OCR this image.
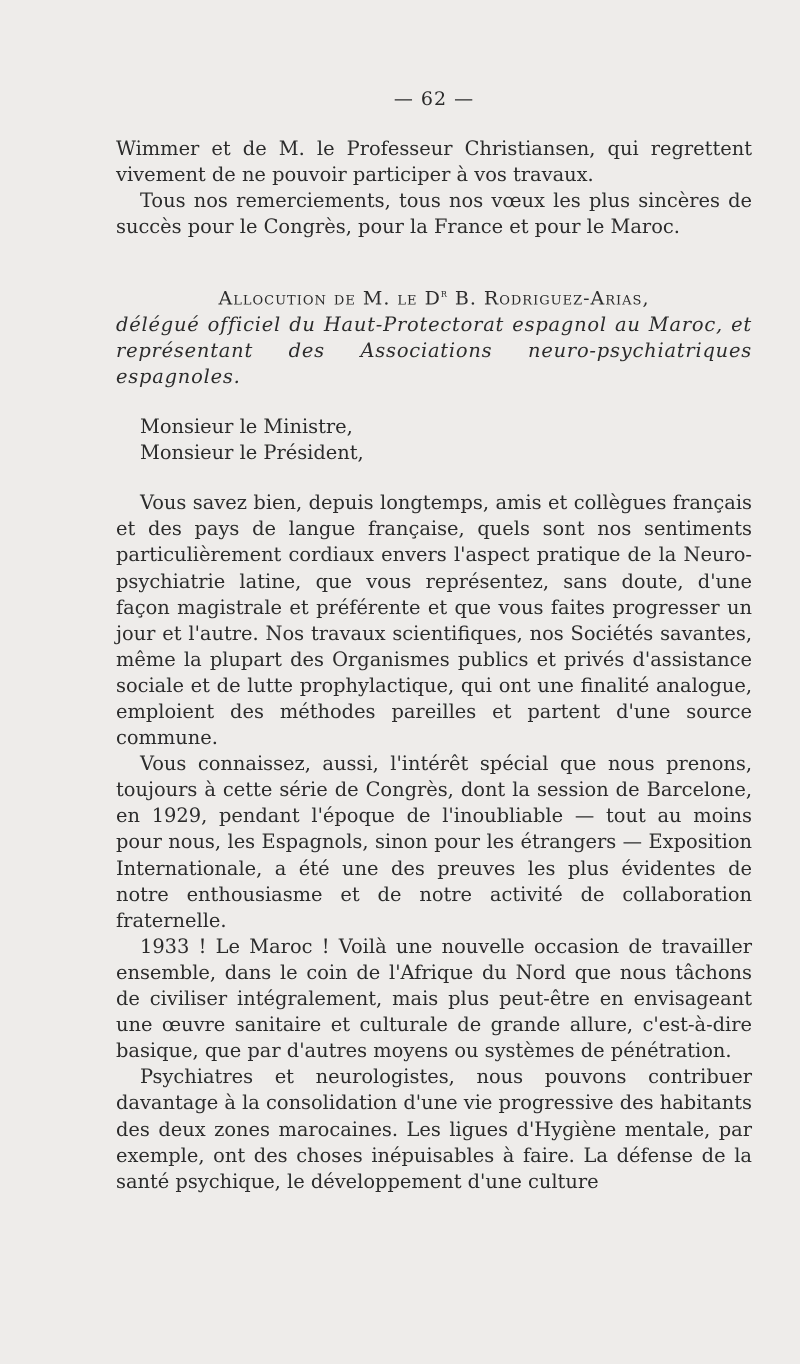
— 62 —

Wimmer et de M. le Professeur Christiansen, qui regrettent vivement de ne pouvoir participer à vos travaux.

Tous nos remerciements, tous nos vœux les plus sincères de succès pour le Congrès, pour la France et pour le Maroc.

Allocution de M. le $D^r$ B. Rodriguez-Arias,

délégué officiel du Haut-Protectorat espagnol au Maroc, et représentant des Associations neuro-psychiatriques espagnoles.

Monsieur le Ministre,

Monsieur le Président,

Vous savez bien, depuis longtemps, amis et collègues français et des pays de langue française, quels sont nos sentiments particulièrement cordiaux envers l'aspect pratique de la Neuro-psychiatrie latine, que vous représentez, sans doute, d'une façon magistrale et préférente et que vous faites progresser un jour et l'autre. Nos travaux scientifiques, nos Sociétés savantes, même la plupart des Organismes publics et privés d'assistance sociale et de lutte prophylactique, qui ont une finalité analogue, emploient des méthodes pareilles et partent d'une source commune.

Vous connaissez, aussi, l'intérêt spécial que nous prenons, toujours à cette série de Congrès, dont la session de Barcelone, en 1929, pendant l'époque de l'inoubliable — tout au moins pour nous, les Espagnols, sinon pour les étrangers — Exposition Internationale, a été une des preuves les plus évidentes de notre enthousiasme et de notre activité de collaboration fraternelle.

1933 ! Le Maroc ! Voilà une nouvelle occasion de travailler ensemble, dans le coin de l'Afrique du Nord que nous tâchons de civiliser intégralement, mais plus peut-être en envisageant une œuvre sanitaire et culturale de grande allure, c'est-à-dire basique, que par d'autres moyens ou systèmes de pénétration.

Psychiatres et neurologistes, nous pouvons contribuer davantage à la consolidation d'une vie progressive des habitants des deux zones marocaines. Les ligues d'Hygiène mentale, par exemple, ont des choses inépuisables à faire. La défense de la santé psychique, le développement d'une culture
